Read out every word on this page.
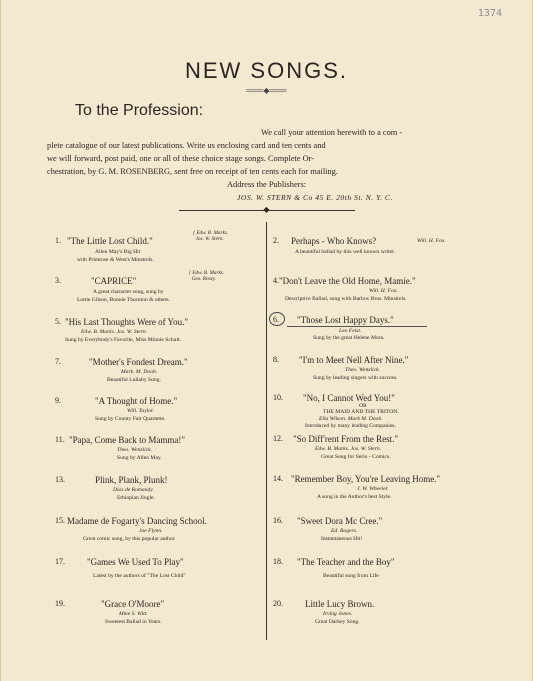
1374
NEW SONGS.
═══◆═══
To the Profession:
We call your attention herewith to a com -
plete catalogue of our latest publications. Write us enclosing card and ten cents and
we will forward, post paid, one or all of these choice stage songs. Complete Or-
chestration, by G. M. ROSENBERG, sent free on receipt of ten cents each for mailing.
Address the Publishers:
JOS. W. STERN & Co 45 E. 20th St. N. Y. C.
◆
1. "The Little Lost Child."
{ Edw. B. Marks.
Jos. W. Stern.
Allen May's Big Hit
with Primrose & West's Minstrels.
3.	"CAPRICE"
{ Edw. B. Marks.
Geo. Rosey.
A great character song, sung by
Lottie Gilson, Bonnie Thornton & others.
5. "His Last Thoughts Were of You."
Edw. B. Marks. Jos. W. Stern.
Sung by Everybody's Favorite, Miss Minnie Schult.
7.	"Mother's Fondest Dream."
Mark. M. Doob.
Beautiful Lullaby Song.
9.	"A Thought of Home."
Will. Taylor.
Sung by County Fair Quartette.
11. "Papa, Come Back to Mamma!"
Theo. Wenzlick.
Sung by Allen May.
13.	Plink, Plank, Plunk!
Dios de Romandy.
Ethiopian Jingle.
15. Madame de Fogarty's Dancing School.
Joe Flynn.
Great comic song, by this popular author.
17. "Games We Used To Play"
Latest by the authors of "The Lost Child"
19.	"Grace O'Moore"
Mme S. Witt.
Sweetest Ballad in Years.
2. Perhaps - Who Knows?	Will. H. Fox.
A beautiful ballad by this well known writer.
4. "Don't Leave the Old Home, Mamie."
Will. H. Fox.
Descriptive Ballad, sung with Barlow Bros. Minstrels.
6. "Those Lost Happy Days."
Leo Feist.
Sung by the great Helene Mora.
8. "I'm to Meet Nell After Nine."
Theo. Wenzlick.
Sung by leading singers with success.
10. "No, I Cannot Wed You!"
OR
THE MAID AND THE TRITON.
Ella Wilson. Mark M. Doob.
Introduced by many leading Companies.
12. "So Diff'rent From the Rest."
Edw. B. Marks. Jos. W. Stern.
Great Song for Serio - Comics.
14. "Remember Boy, You're Leaving Home."
J. W. Wheeler.
A song in the Author's best Style.
16. "Sweet Dora Mc Cree."
Ed. Rogers.
Instantaneous Hit!
18. "The Teacher and the Boy"
Beautiful song from Life
20. Little Lucy Brown.
Irving Jones.
Great Darkey Song.
